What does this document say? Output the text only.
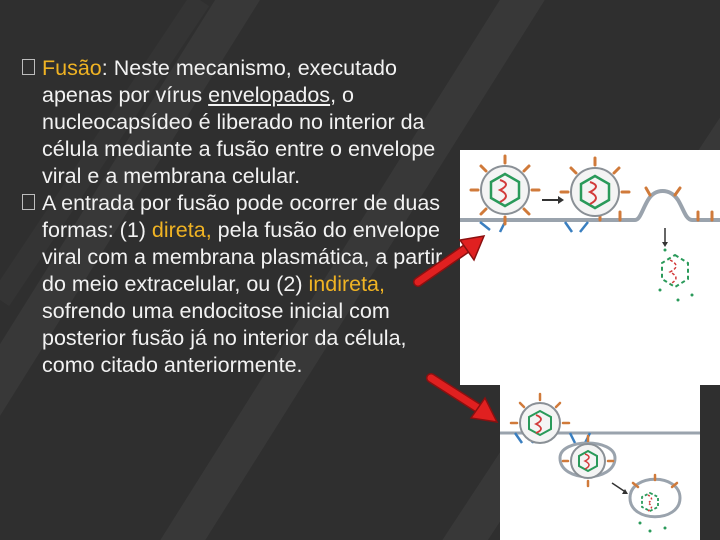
Fusão: Neste mecanismo, executado apenas por vírus envelopados, o nucleocapsídeo é liberado no interior da célula mediante a fusão entre o envelope viral e a membrana celular.
A entrada por fusão pode ocorrer de duas formas: (1) direta, pela fusão do envelope viral com a membrana plasmática, a partir do meio extracelular, ou (2) indireta, sofrendo uma endocitose inicial com posterior fusão já no interior da célula, como citado anteriormente.
